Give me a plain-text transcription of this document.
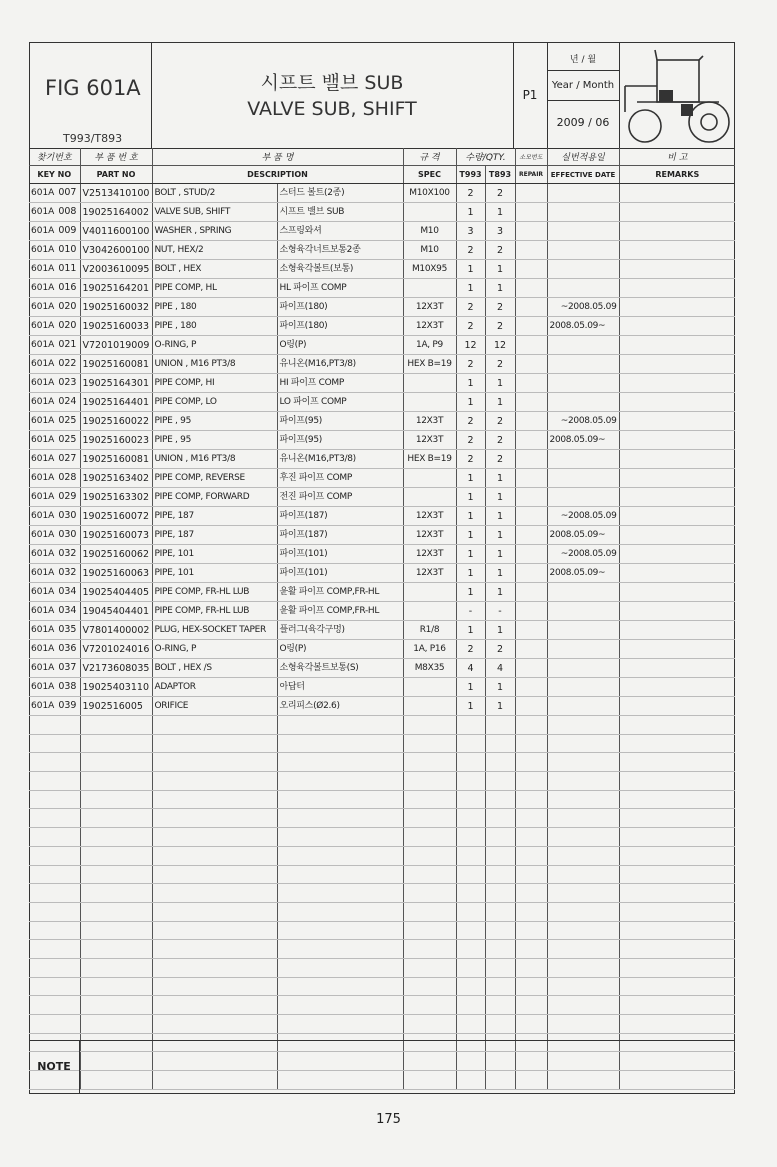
FIG 601A
T993/T893
시프트 밸브 SUB
VALVE SUB, SHIFT
P1
년 / 월
Year / Month
2009 / 06
찾기번호	부 품 번 호	부 품 명		규 격	수량/QTY.		소모번도	실번적용일	비 고
KEY NO	PART NO	DESCRIPTION		SPEC	T993	T893	REPAIR	EFFECTIVE DATE	REMARKS
601A 007	V2513410100	BOLT , STUD/2	스터드 볼트(2종)	M10X100	2	2			
601A 008	19025164002	VALVE SUB, SHIFT	시프트 밸브 SUB		1	1			
601A 009	V4011600100	WASHER , SPRING	스프링와셔	M10	3	3			
601A 010	V3042600100	NUT, HEX/2	소형육각너트보통2종	M10	2	2			
601A 011	V2003610095	BOLT , HEX	소형육각볼트(보통)	M10X95	1	1			
601A 016	19025164201	PIPE COMP, HL	HL 파이프 COMP		1	1			
601A 020	19025160032	PIPE , 180	파이프(180)	12X3T	2	2		~2008.05.09	
601A 020	19025160033	PIPE , 180	파이프(180)	12X3T	2	2		2008.05.09~	
601A 021	V7201019009	O-RING, P	O링(P)	1A, P9	12	12			
601A 022	19025160081	UNION , M16 PT3/8	유니온(M16,PT3/8)	HEX B=19	2	2			
601A 023	19025164301	PIPE COMP, HI	HI 파이프 COMP		1	1			
601A 024	19025164401	PIPE COMP, LO	LO 파이프 COMP		1	1			
601A 025	19025160022	PIPE , 95	파이프(95)	12X3T	2	2		~2008.05.09	
601A 025	19025160023	PIPE , 95	파이프(95)	12X3T	2	2		2008.05.09~	
601A 027	19025160081	UNION , M16 PT3/8	유니온(M16,PT3/8)	HEX B=19	2	2			
601A 028	19025163402	PIPE COMP, REVERSE	후진 파이프 COMP		1	1			
601A 029	19025163302	PIPE COMP, FORWARD	전진 파이프 COMP		1	1			
601A 030	19025160072	PIPE, 187	파이프(187)	12X3T	1	1		~2008.05.09	
601A 030	19025160073	PIPE, 187	파이프(187)	12X3T	1	1		2008.05.09~	
601A 032	19025160062	PIPE, 101	파이프(101)	12X3T	1	1		~2008.05.09	
601A 032	19025160063	PIPE, 101	파이프(101)	12X3T	1	1		2008.05.09~	
601A 034	19025404405	PIPE COMP, FR-HL LUB	윤활 파이프 COMP,FR-HL		1	1			
601A 034	19045404401	PIPE COMP, FR-HL LUB	윤활 파이프 COMP,FR-HL		-	-			
601A 035	V7801400002	PLUG, HEX-SOCKET TAPER	플러그(육각구멍)	R1/8	1	1			
601A 036	V7201024016	O-RING, P	O링(P)	1A, P16	2	2			
601A 037	V2173608035	BOLT , HEX /S	소형육각볼트보통(S)	M8X35	4	4			
601A 038	19025403110	ADAPTOR	아답터		1	1			
601A 039	1902516005	ORIFICE	오리피스(Ø2.6)		1	1			

NOTE
175
